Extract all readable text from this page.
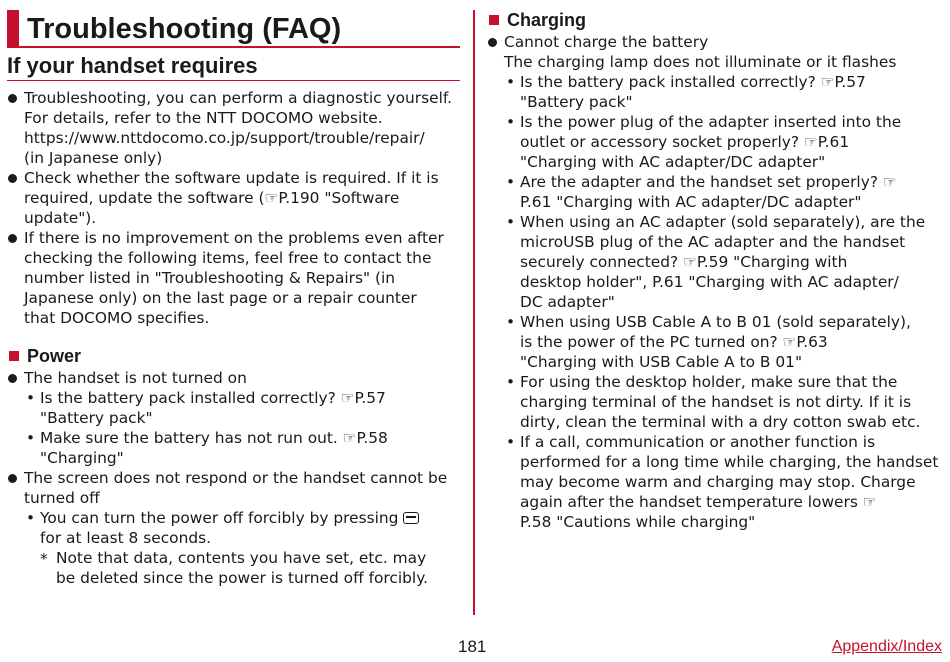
Troubleshooting (FAQ)
If your handset requires
Troubleshooting, you can perform a diagnostic yourself.
For details, refer to the NTT DOCOMO website.
https://www.nttdocomo.co.jp/support/trouble/repair/
(in Japanese only)
Check whether the software update is required. If it is
required, update the software (☞P.190 "Software
update").
If there is no improvement on the problems even after
checking the following items, feel free to contact the
number listed in "Troubleshooting & Repairs" (in
Japanese only) on the last page or a repair counter
that DOCOMO specifies.
Power
The handset is not turned on
• Is the battery pack installed correctly? ☞P.57
"Battery pack"
• Make sure the battery has not run out. ☞P.58
"Charging"
The screen does not respond or the handset cannot be
turned off
• You can turn the power off forcibly by pressing
for at least 8 seconds.
* Note that data, contents you have set, etc. may
be deleted since the power is turned off forcibly.
Charging
Cannot charge the battery
The charging lamp does not illuminate or it flashes
• Is the battery pack installed correctly? ☞P.57
"Battery pack"
• Is the power plug of the adapter inserted into the
outlet or accessory socket properly? ☞P.61
"Charging with AC adapter/DC adapter"
• Are the adapter and the handset set properly? ☞
P.61 "Charging with AC adapter/DC adapter"
• When using an AC adapter (sold separately), are the
microUSB plug of the AC adapter and the handset
securely connected? ☞P.59 "Charging with
desktop holder", P.61 "Charging with AC adapter/
DC adapter"
• When using USB Cable A to B 01 (sold separately),
is the power of the PC turned on? ☞P.63
"Charging with USB Cable A to B 01"
• For using the desktop holder, make sure that the
charging terminal of the handset is not dirty. If it is
dirty, clean the terminal with a dry cotton swab etc.
• If a call, communication or another function is
performed for a long time while charging, the handset
may become warm and charging may stop. Charge
again after the handset temperature lowers ☞
P.58 "Cautions while charging"
181	Appendix/Index
